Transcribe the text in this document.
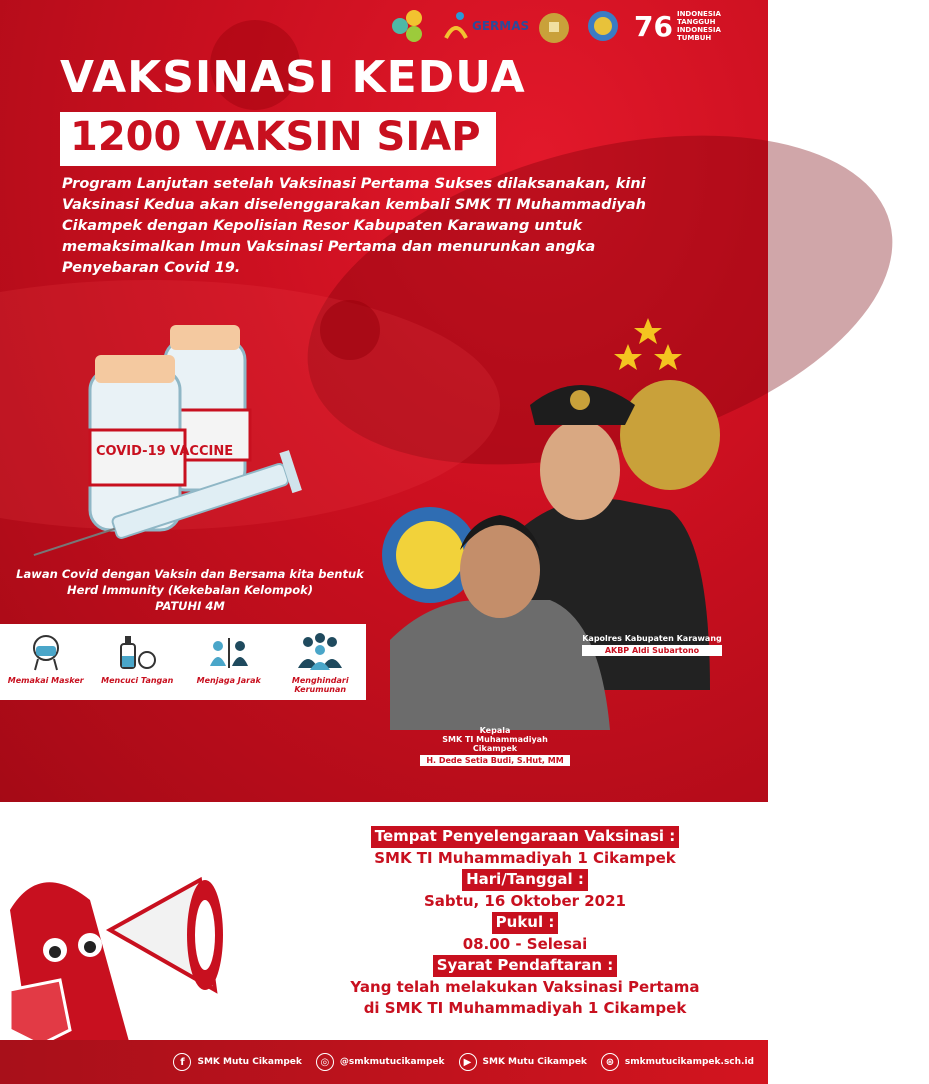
GERMAS	76 INDONESIA
TANGGUH
INDONESIA
TUMBUH
VAKSINASI KEDUA
1200 VAKSIN SIAP
Program Lanjutan setelah Vaksinasi Pertama Sukses dilaksanakan, kini Vaksinasi Kedua akan diselenggarakan kembali SMK TI Muhammadiyah Cikampek dengan Kepolisian Resor Kabupaten Karawang untuk memaksimalkan Imun Vaksinasi Pertama dan menurunkan angka Penyebaran Covid 19.
COVID-19 VACCINE
Kapolres Kabupaten Karawang
AKBP Aldi Subartono
Kepala
SMK TI Muhammadiyah Cikampek
H. Dede Setia Budi, S.Hut, MM
Lawan Covid dengan Vaksin dan Bersama kita bentuk
Herd Immunity (Kekebalan Kelompok)
PATUHI 4M
Memakai Masker Mencuci Tangan	Menjaga Jarak	Menghindari Kerumunan
Tempat Penyelengaraan Vaksinasi :
SMK TI Muhammadiyah 1 Cikampek
Hari/Tanggal :
Sabtu, 16 Oktober 2021
Pukul :
08.00 - Selesai
Syarat Pendaftaran :
Yang telah melakukan Vaksinasi Pertama
di SMK TI Muhammadiyah 1 Cikampek
f	SMK Mutu Cikampek	◎	@smkmutucikampek	▶	SMK Mutu Cikampek	⊛	smkmutucikampek.sch.id
